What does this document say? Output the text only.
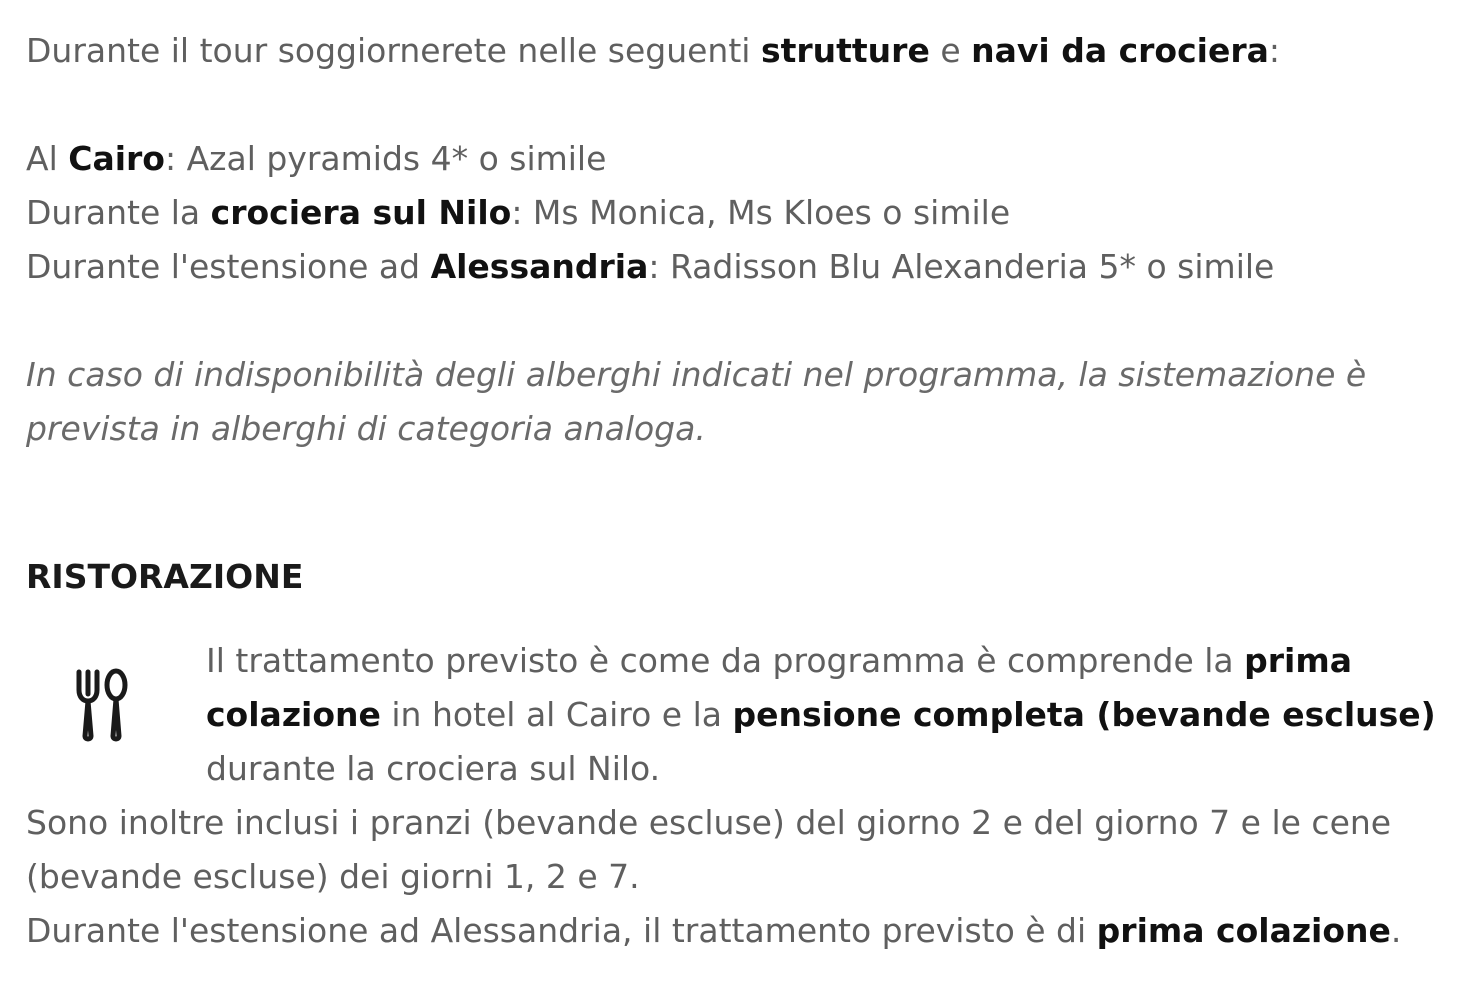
Durante il tour soggiornerete nelle seguenti strutture e navi da crociera:
Al Cairo: Azal pyramids 4* o simile
Durante la crociera sul Nilo: Ms Monica, Ms Kloes o simile
Durante l'estensione ad Alessandria: Radisson Blu Alexanderia 5* o simile
In caso di indisponibilità degli alberghi indicati nel programma, la sistemazione è
prevista in alberghi di categoria analoga.
RISTORAZIONE
Il trattamento previsto è come da programma è comprende la prima
colazione in hotel al Cairo e la pensione completa (bevande escluse)
durante la crociera sul Nilo.
Sono inoltre inclusi i pranzi (bevande escluse) del giorno 2 e del giorno 7 e le cene
(bevande escluse) dei giorni 1, 2 e 7.
Durante l'estensione ad Alessandria, il trattamento previsto è di prima colazione.
